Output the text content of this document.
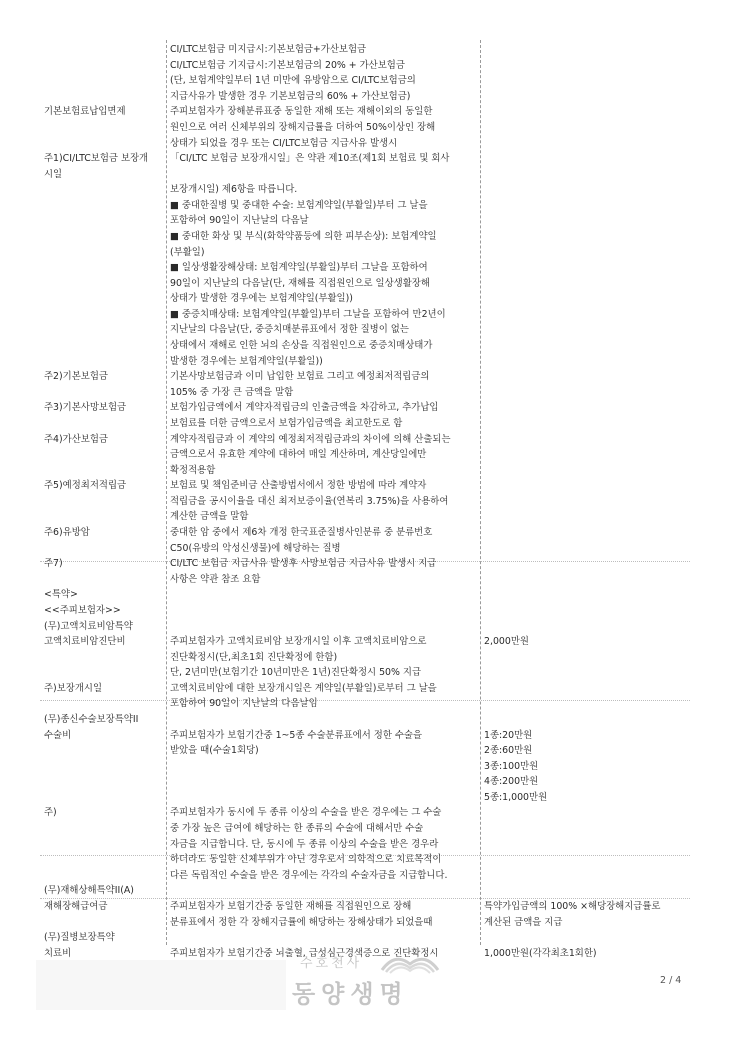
CI/LTC보험금 미지급시:기본보험금+가산보험금
CI/LTC보험금 기지급시:기본보험금의 20% + 가산보험금
(단, 보험계약일부터 1년 미만에 유방암으로 CI/LTC보험금의
지급사유가 발생한 경우 기본보험금의 60% + 가산보험금)
기본보험료납입면제	주피보험자가 장해분류표중 동일한 재해 또는 재해이외의 동일한
원인으로 여러 신체부위의 장해지급률을 더하여 50%이상인 장해
상태가 되었을 경우 또는 CI/LTC보험금 지급사유 발생시
주1)CI/LTC보험금 보장개	「CI/LTC 보험금 보장개시일」은 약관 제10조(제1회 보험료 및 회사
시일
보장개시일) 제6항을 따릅니다.
■ 중대한질병 및 중대한 수술: 보험계약일(부활일)부터 그 날을
포함하여 90일이 지난날의 다음날
■ 중대한 화상 및 부식(화학약품등에 의한 피부손상): 보험계약일
(부활일)
■ 일상생활장해상태: 보험계약일(부활일)부터 그날을 포함하여
90일이 지난날의 다음날(단, 재해를 직접원인으로 일상생활장해
상태가 발생한 경우에는 보험계약일(부활일))
■ 중증치매상태: 보험계약일(부활일)부터 그날을 포함하여 만2년이
지난날의 다음날(단, 중증치매분류표에서 정한 질병이 없는
상태에서 재해로 인한 뇌의 손상을 직접원인으로 중증치매상태가
발생한 경우에는 보험계약일(부활일))
주2)기본보험금	기본사망보험금과 이미 납입한 보험료 그리고 예정최저적립금의
105% 중 가장 큰 금액을 말함
주3)기본사망보험금	보험가입금액에서 계약자적립금의 인출금액을 차감하고, 추가납입
보험료를 더한 금액으로서 보험가입금액을 최고한도로 함
주4)가산보험금	계약자적립금과 이 계약의 예정최저적립금과의 차이에 의해 산출되는
금액으로서 유효한 계약에 대하여 매일 계산하며, 계산당일에만
확정적용함
주5)예정최저적립금	보험료 및 책임준비금 산출방법서에서 정한 방법에 따라 계약자
적립금을 공시이율을 대신 최저보증이율(연복리 3.75%)을 사용하여
계산한 금액을 말함
주6)유방암	중대한 암 중에서 제6차 개정 한국표준질병사인분류 중 분류번호
C50(유방의 악성신생물)에 해당하는 질병
주7)	CI/LTC 보험금 지급사유 발생후 사망보험금 지급사유 발생시 지급
사항은 약관 참조 요함
<특약>
<<주피보험자>>
(무)고액치료비암특약
고액치료비암진단비	주피보험자가 고액치료비암 보장개시일 이후 고액치료비암으로	2,000만원
진단확정시(단,최초1회 진단확정에 한함)
단, 2년미만(보험기간 10년미만은 1년)진단확정시 50% 지급
주)보장개시일	고액치료비암에 대한 보장개시일은 계약일(부활일)로부터 그 날을
포함하여 90일이 지난날의 다음날임
(무)종신수술보장특약II
수술비	주피보험자가 보험기간중 1~5종 수술분류표에서 정한 수술을	1종:20만원
받았을 때(수술1회당)	2종:60만원
3종:100만원
4종:200만원
5종:1,000만원
주)	주피보험자가 동시에 두 종류 이상의 수술을 받은 경우에는 그 수술
중 가장 높은 급여에 해당하는 한 종류의 수술에 대해서만 수술
자금을 지급합니다. 단, 동시에 두 종류 이상의 수술을 받은 경우라
하더라도 동일한 신체부위가 아닌 경우로서 의학적으로 치료목적이
다른 독립적인 수술을 받은 경우에는 각각의 수술자금을 지급합니다.
(무)재해상해특약II(A)
재해장해급여금	주피보험자가 보험기간중 동일한 재해를 직접원인으로 장해	특약가입금액의 100% ×해당장해지급률로
분류표에서 정한 각 장해지급률에 해당하는 장해상태가 되었을때	계산된 금액을 지급
(무)질병보장특약
치료비	주피보험자가 보험기간중 뇌출혈, 급성심근경색증으로 진단확정시	1,000만원(각각최초1회한)
수호천사
동양생명	2 / 4
